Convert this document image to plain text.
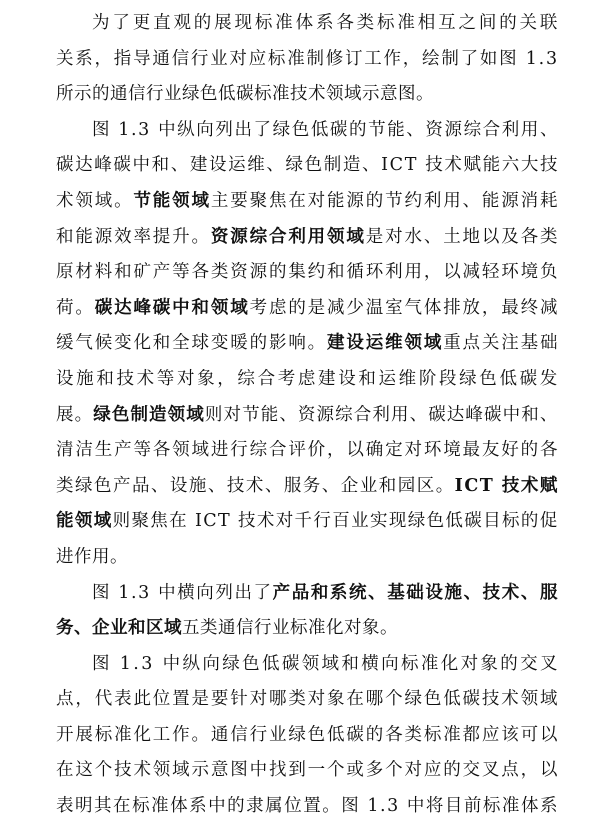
为 了 更 直 观 的 展 现 标 准 体 系 各 类 标 准 相 互 之 间 的 关 联
关 系 ， 指 导 通 信 行 业 对 应 标 准 制 修 订 工 作 ， 绘 制 了 如 图
1 . 3
所示的通信行业绿色低碳标准技术领域示意图。
图
1 . 3
中 纵 向 列 出 了 绿 色 低 碳 的 节 能 、 资 源 综 合 利 用 、
碳 达 峰 碳 中 和 、 建 设 运 维 、 绿 色 制 造 、 I C T
技 术 赋 能 六 大 技
术 领 域 。 节 能 领 域 主 要 聚 焦 在 对 能 源 的 节 约 利 用 、 能 源 消 耗
和 能 源 效 率 提 升 。 资 源 综 合 利 用 领 域 是 对 水 、 土 地 以 及 各 类
原 材 料 和 矿 产 等 各 类 资 源 的 集 约 和 循 环 利 用 ， 以 减 轻 环 境 负
荷 。 碳 达 峰 碳 中 和 领 域 考 虑 的 是 减 少 温 室 气 体 排 放 ， 最 终 减
缓 气 候 变 化 和 全 球 变 暖 的 影 响 。 建 设 运 维 领 域 重 点 关 注 基 础
设 施 和 技 术 等 对 象 ， 综 合 考 虑 建 设 和 运 维 阶 段 绿 色 低 碳 发
展 。 绿 色 制 造 领 域 则 对 节 能 、 资 源 综 合 利 用 、 碳 达 峰 碳 中 和 、
清 洁 生 产 等 各 领 域 进 行 综 合 评 价 ， 以 确 定 对 环 境 最 友 好 的 各
类 绿 色 产 品 、 设 施 、 技 术 、 服 务 、 企 业 和 园 区 。 I C T
技 术 赋
能 领 域 则 聚 焦 在
I C T
技 术 对 千 行 百 业 实 现 绿 色 低 碳 目 标 的 促
进作用。
图
1 . 3
中 横 向 列 出 了 产 品 和 系 统 、 基 础 设 施 、 技 术 、 服
务、企业和区域 五类通信行业标准化对象。
图
1 . 3
中 纵 向 绿 色 低 碳 领 域 和 横 向 标 准 化 对 象 的 交 叉
点 ， 代 表 此 位 置 是 要 针 对 哪 类 对 象 在 哪 个 绿 色 低 碳 技 术 领 域
开 展 标 准 化 工 作 。 通 信 行 业 绿 色 低 碳 的 各 类 标 准 都 应 该 可 以
在 这 个 技 术 领 域 示 意 图 中 找 到 一 个 或 多 个 对 应 的 交 叉 点 ， 以
表 明 其 在 标 准 体 系 中 的 隶 属 位 置 。 图
1 . 3
中 将 目 前 标 准 体 系
